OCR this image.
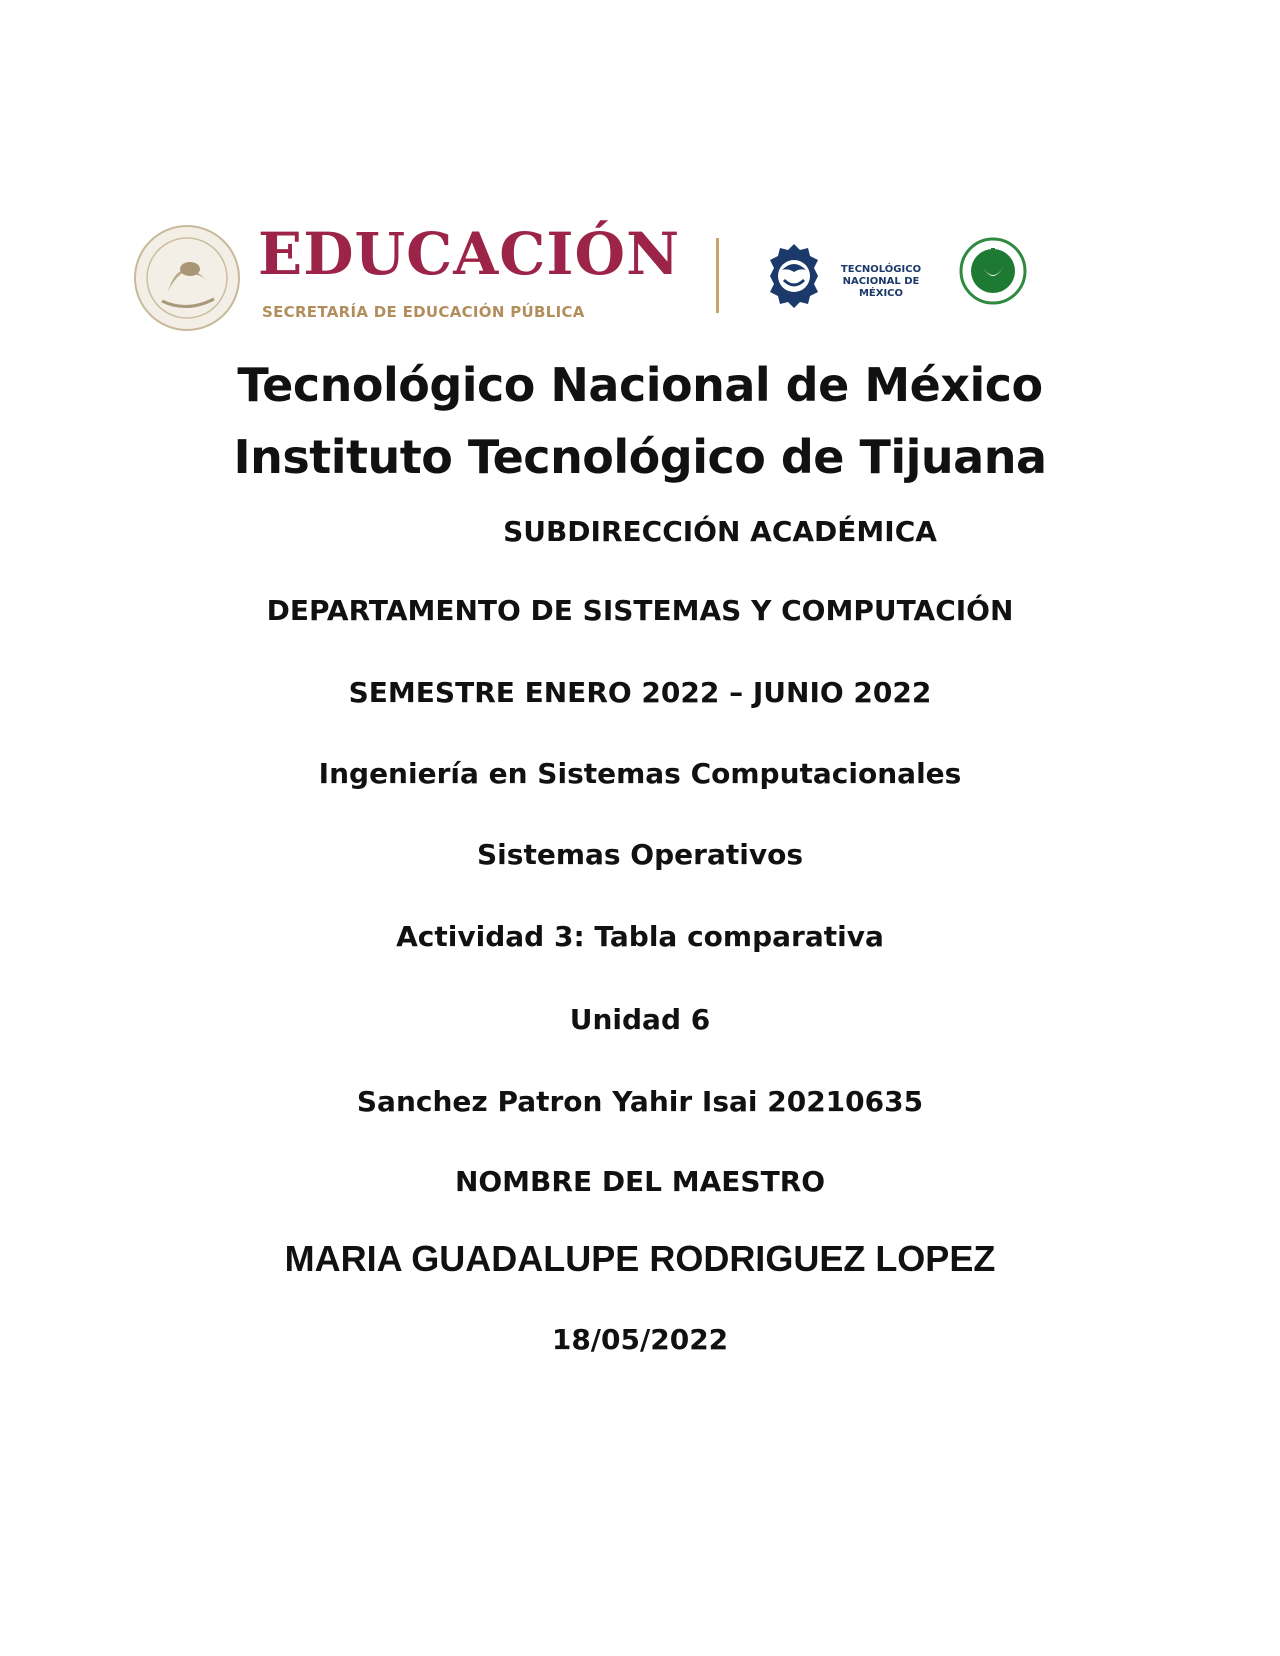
EDUCACIÓN
SECRETARÍA DE EDUCACIÓN PÚBLICA
TECNOLÓGICO
NACIONAL DE MÉXICO
Tecnológico Nacional de México
Instituto Tecnológico de Tijuana
SUBDIRECCIÓN ACADÉMICA
DEPARTAMENTO DE SISTEMAS Y COMPUTACIÓN
SEMESTRE ENERO 2022 – JUNIO 2022
Ingeniería en Sistemas Computacionales
Sistemas Operativos
Actividad 3: Tabla comparativa
Unidad 6
Sanchez Patron Yahir Isai 20210635
NOMBRE DEL MAESTRO
MARIA GUADALUPE RODRIGUEZ LOPEZ
18/05/2022
